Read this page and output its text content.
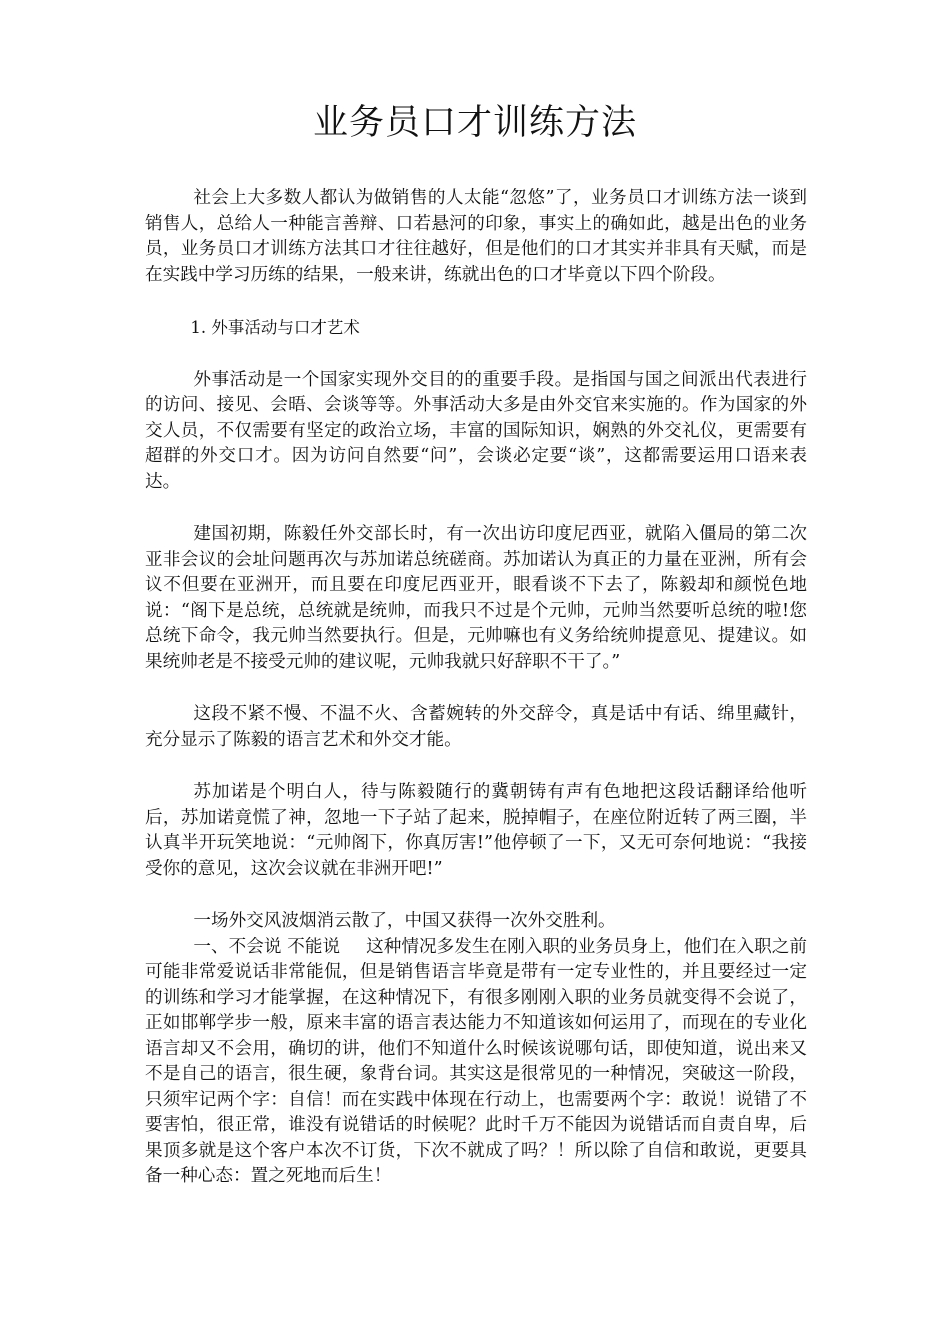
业务员口才训练方法

社会上大多数人都认为做销售的人太能“忽悠”了，业务员口才训练方法一谈到销售人，总给人一种能言善辩、口若悬河的印象，事实上的确如此，越是出色的业务员，业务员口才训练方法其口才往往越好，但是他们的口才其实并非具有天赋，而是在实践中学习历练的结果，一般来讲，练就出色的口才毕竟以下四个阶段。

1. 外事活动与口才艺术

外事活动是一个国家实现外交目的的重要手段。是指国与国之间派出代表进行的访问、接见、会晤、会谈等等。外事活动大多是由外交官来实施的。作为国家的外交人员，不仅需要有坚定的政治立场，丰富的国际知识，娴熟的外交礼仪，更需要有超群的外交口才。因为访问自然要“问”，会谈必定要“谈”，这都需要运用口语来表达。

建国初期，陈毅任外交部长时，有一次出访印度尼西亚，就陷入僵局的第二次亚非会议的会址问题再次与苏加诺总统磋商。苏加诺认为真正的力量在亚洲，所有会议不但要在亚洲开，而且要在印度尼西亚开，眼看谈不下去了，陈毅却和颜悦色地说：“阁下是总统，总统就是统帅，而我只不过是个元帅，元帅当然要听总统的啦!您总统下命令，我元帅当然要执行。但是，元帅嘛也有义务给统帅提意见、提建议。如果统帅老是不接受元帅的建议呢，元帅我就只好辞职不干了。”

这段不紧不慢、不温不火、含蓄婉转的外交辞令，真是话中有话、绵里藏针，充分显示了陈毅的语言艺术和外交才能。

苏加诺是个明白人，待与陈毅随行的冀朝铸有声有色地把这段话翻译给他听后，苏加诺竟慌了神，忽地一下子站了起来，脱掉帽子，在座位附近转了两三圈，半认真半开玩笑地说：“元帅阁下，你真厉害!”他停顿了一下，又无可奈何地说：“我接受你的意见，这次会议就在非洲开吧!”

一场外交风波烟消云散了，中国又获得一次外交胜利。

一、不会说 不能说 这种情况多发生在刚入职的业务员身上，他们在入职之前可能非常爱说话非常能侃，但是销售语言毕竟是带有一定专业性的，并且要经过一定的训练和学习才能掌握，在这种情况下，有很多刚刚入职的业务员就变得不会说了，正如邯郸学步一般，原来丰富的语言表达能力不知道该如何运用了，而现在的专业化语言却又不会用，确切的讲，他们不知道什么时候该说哪句话，即使知道，说出来又不是自己的语言，很生硬，象背台词。其实这是很常见的一种情况，突破这一阶段，只须牢记两个字：自信！而在实践中体现在行动上，也需要两个字：敢说！说错了不要害怕，很正常，谁没有说错话的时候呢？此时千万不能因为说错话而自责自卑，后果顶多就是这个客户本次不订货，下次不就成了吗？！所以除了自信和敢说，更要具备一种心态：置之死地而后生！
